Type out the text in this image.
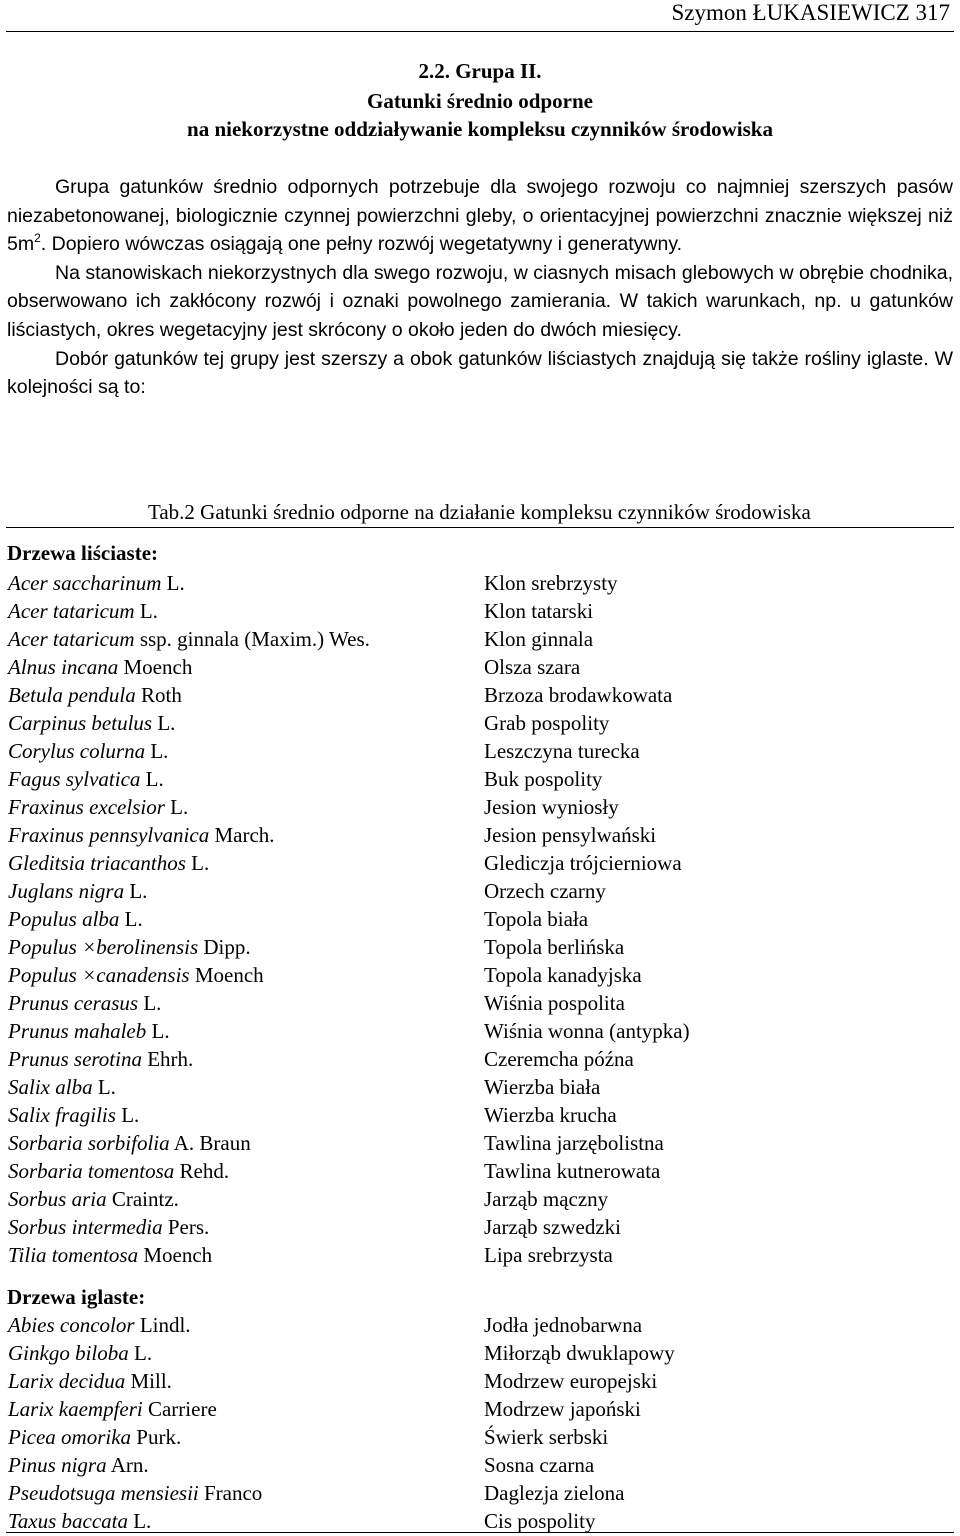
Szymon ŁUKASIEWICZ 317
2.2. Grupa II.
Gatunki średnio odporne
na niekorzystne oddziaływanie kompleksu czynników środowiska

Grupa gatunków średnio odpornych potrzebuje dla swojego rozwoju co najmniej szerszych pasów niezabetonowanej, biologicznie czynnej powierzchni gleby, o orientacyjnej powierzchni znacznie większej niż $5m^2$. Dopiero wówczas osiągają one pełny rozwój wegetatywny i generatywny.

Na stanowiskach niekorzystnych dla swego rozwoju, w ciasnych misach glebowych w obrębie chodnika, obserwowano ich zakłócony rozwój i oznaki powolnego zamierania. W takich warunkach, np. u gatunków liściastych, okres wegetacyjny jest skrócony o około jeden do dwóch miesięcy.

Dobór gatunków tej grupy jest szerszy a obok gatunków liściastych znajdują się także rośliny iglaste. W kolejności są to:

Tab.2 Gatunki średnio odporne na działanie kompleksu czynników środowiska
Drzewa liściaste:
Acer saccharinum L.	Klon srebrzysty
Acer tataricum L.	Klon tatarski
Acer tataricum ssp. ginnala (Maxim.) Wes.	Klon ginnala
Alnus incana Moench	Olsza szara
Betula pendula Roth	Brzoza brodawkowata
Carpinus betulus L.	Grab pospolity
Corylus colurna L.	Leszczyna turecka
Fagus sylvatica L.	Buk pospolity
Fraxinus excelsior L.	Jesion wyniosły
Fraxinus pennsylvanica March.	Jesion pensylwański
Gleditsia triacanthos L.	Glediczja trójcierniowa
Juglans nigra L.	Orzech czarny
Populus alba L.	Topola biała
Populus ×berolinensis Dipp.	Topola berlińska
Populus ×canadensis Moench	Topola kanadyjska
Prunus cerasus L.	Wiśnia pospolita
Prunus mahaleb L.	Wiśnia wonna (antypka)
Prunus serotina Ehrh.	Czeremcha późna
Salix alba L.	Wierzba biała
Salix fragilis L.	Wierzba krucha
Sorbaria sorbifolia A. Braun	Tawlina jarzębolistna
Sorbaria tomentosa Rehd.	Tawlina kutnerowata
Sorbus aria Craintz.	Jarząb mączny
Sorbus intermedia Pers.	Jarząb szwedzki
Tilia tomentosa Moench	Lipa srebrzysta
Drzewa iglaste:
Abies concolor Lindl.	Jodła jednobarwna
Ginkgo biloba L.	Miłorząb dwuklapowy
Larix decidua Mill.	Modrzew europejski
Larix kaempferi Carriere	Modrzew japoński
Picea omorika Purk.	Świerk serbski
Pinus nigra Arn.	Sosna czarna
Pseudotsuga mensiesii Franco	Daglezja zielona
Taxus baccata L.	Cis pospolity
